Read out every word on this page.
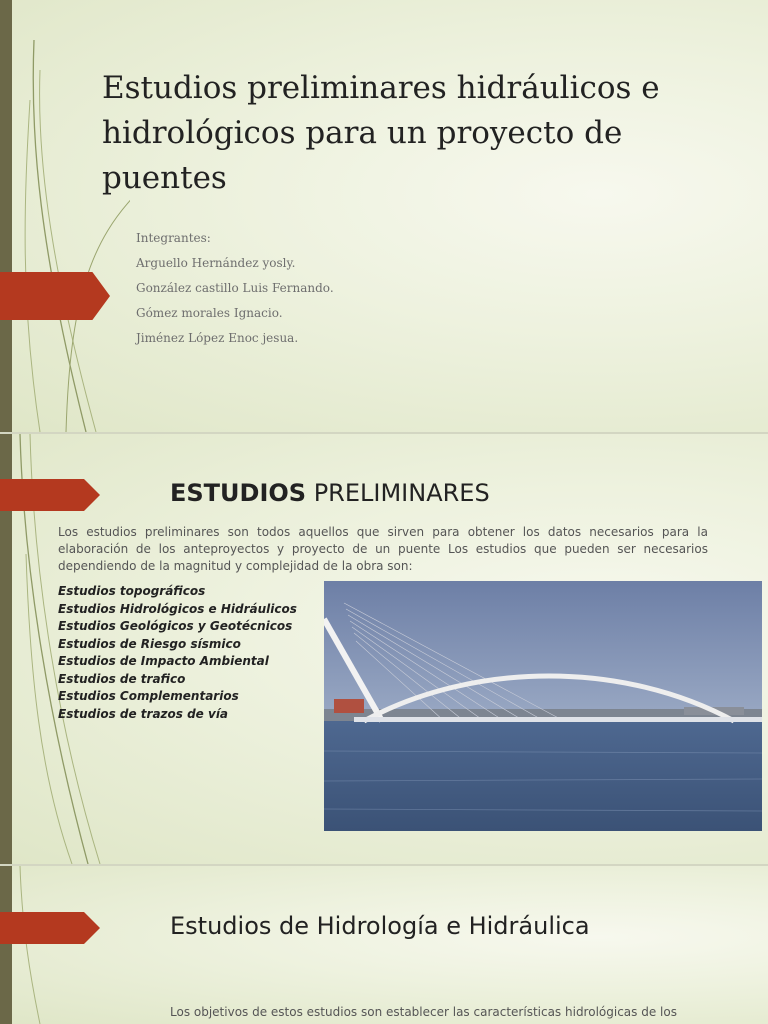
Estudios preliminares hidráulicos e hidrológicos para un proyecto de puentes
Integrantes:
Arguello Hernández yosly.
González castillo Luis Fernando.
Gómez morales Ignacio.
Jiménez López Enoc jesua.
ESTUDIOS PRELIMINARES

Los estudios preliminares son todos aquellos que sirven para obtener los datos necesarios para la elaboración de los anteproyectos y proyecto de un puente Los estudios que pueden ser necesarios dependiendo de la magnitud y complejidad de la obra son:

Estudios topográficos
Estudios Hidrológicos e Hidráulicos
Estudios Geológicos y Geotécnicos
Estudios de Riesgo sísmico
Estudios de Impacto Ambiental
Estudios de trafico
Estudios Complementarios
Estudios de trazos de vía
Estudios de Hidrología e Hidráulica

Los objetivos de estos estudios son establecer las características hidrológicas de los
